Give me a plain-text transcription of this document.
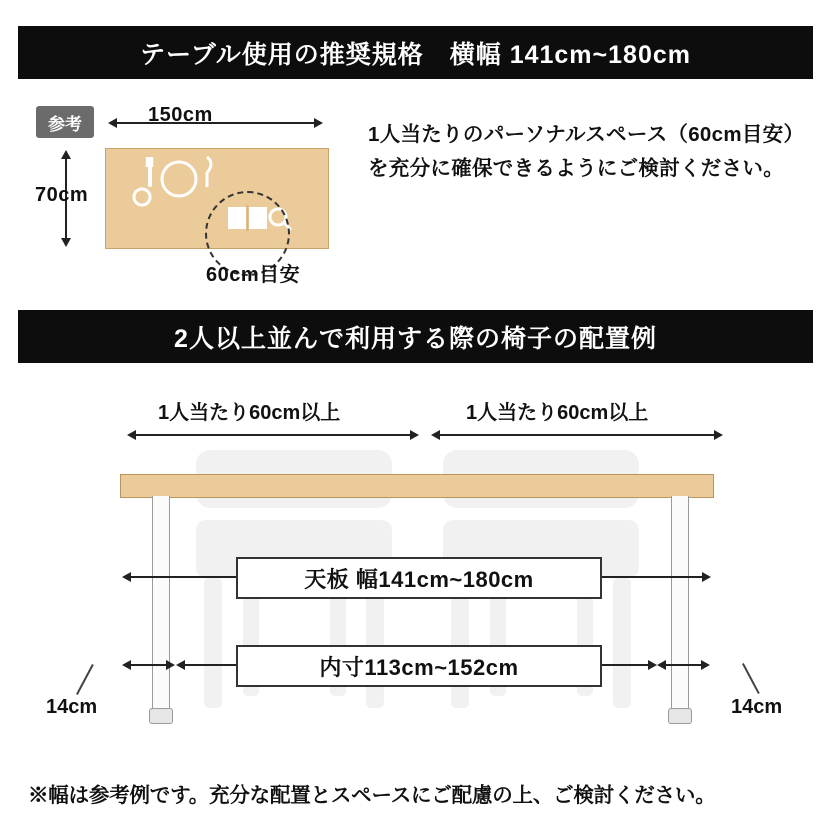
テーブル使用の推奨規格　横幅 141cm~180cm
参考	150cm
70cm
60cm目安
1人当たりのパーソナルスペース（60cm目安）を充分に確保できるようにご検討ください。
2人以上並んで利用する際の椅子の配置例
1人当たり60cm以上	1人当たり60cm以上
天板 幅141cm~180cm
内寸113cm~152cm
14cm	14cm
※幅は参考例です。充分な配置とスペースにご配慮の上、ご検討ください。
